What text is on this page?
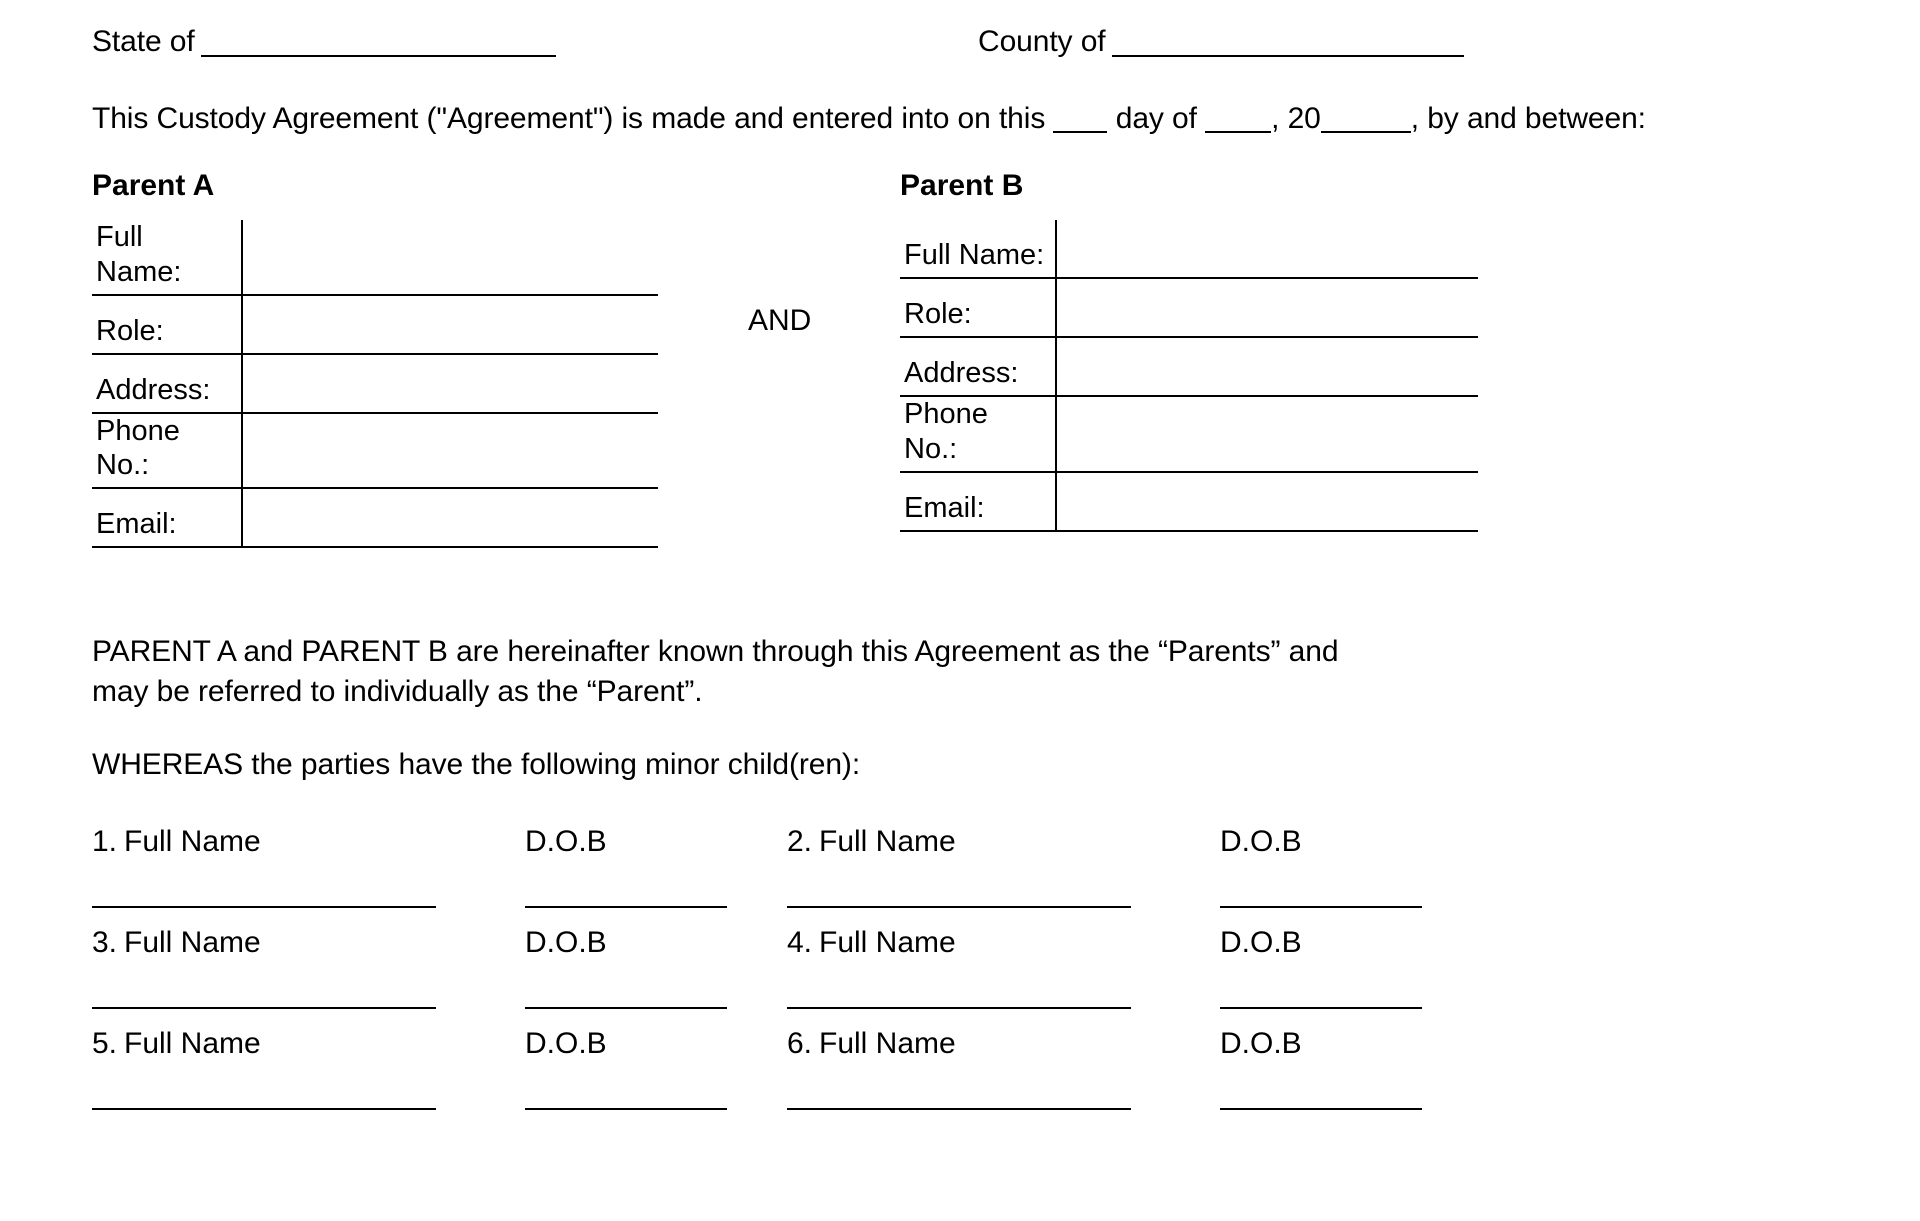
State of	County of
This Custody Agreement ("Agreement") is made and entered into on this day of , 20	, by and between:
Parent A
Full Name:	
Role:	
Address:	
Phone No.:	
Email:	
AND
Parent B
Full Name:	
Role:	
Address:	
Phone No.:	
Email:	
PARENT A and PARENT B are hereinafter known through this Agreement as the “Parents” and may be referred to individually as the “Parent”.
WHEREAS the parties have the following minor child(ren):
1. Full Name	D.O.B	2. Full Name	D.O.B
3. Full Name	D.O.B	4. Full Name	D.O.B
5. Full Name	D.O.B	6. Full Name	D.O.B
